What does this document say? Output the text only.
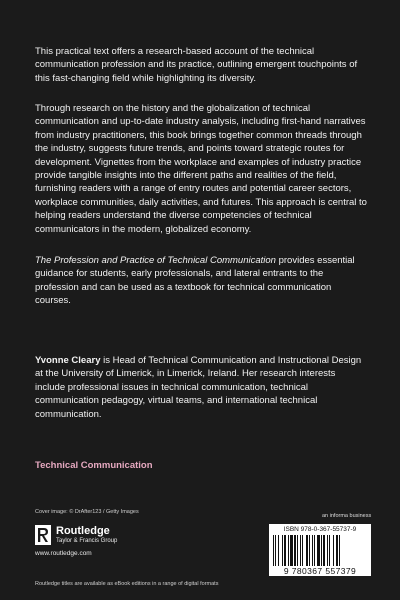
This practical text offers a research-based account of the technical communication profession and its practice, outlining emergent touchpoints of this fast-changing field while highlighting its diversity.

Through research on the history and the globalization of technical communication and up-to-date industry analysis, including first-hand narratives from industry practitioners, this book brings together common threads through the industry, suggests future trends, and points toward strategic routes for development. Vignettes from the workplace and examples of industry practice provide tangible insights into the different paths and realities of the field, furnishing readers with a range of entry routes and potential career sectors, workplace communities, daily activities, and futures. This approach is central to helping readers understand the diverse competencies of technical communicators in the modern, globalized economy.

The Profession and Practice of Technical Communication provides essential guidance for students, early professionals, and lateral entrants to the profession and can be used as a textbook for technical communication courses.

Yvonne Cleary is Head of Technical Communication and Instructional Design at the University of Limerick, in Limerick, Ireland. Her research interests include professional issues in technical communication, technical communication pedagogy, virtual teams, and international technical communication.

Technical Communication

Cover image: © DrAfter123 / Getty Images
Routledge
Taylor & Francis Group
www.routledge.com
an informa business
ISBN 978-0-367-55737-9
9 780367 557379
Routledge titles are available as eBook editions in a range of digital formats
